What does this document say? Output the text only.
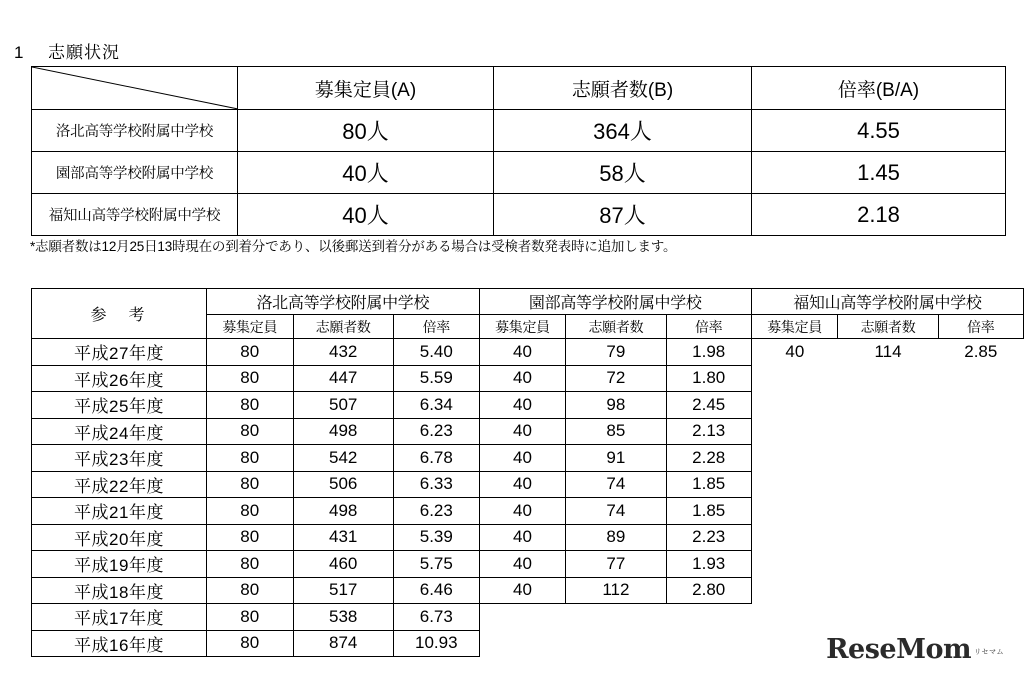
1	志願状況
	募集定員(A)	志願者数(B)	倍率(B/A)
洛北高等学校附属中学校	80人	364人	4.55
園部高等学校附属中学校	40人	58人	1.45
福知山高等学校附属中学校	40人	87人	2.18
*志願者数は12月25日13時現在の到着分であり、以後郵送到着分がある場合は受検者数発表時に追加します。
参　考	洛北高等学校附属中学校			園部高等学校附属中学校			福知山高等学校附属中学校		
	募集定員	志願者数	倍率	募集定員	志願者数	倍率	募集定員	志願者数	倍率
平成27年度	80	432	5.40	40	79	1.98	40	114	2.85
平成26年度	80	447	5.59	40	72	1.80			
平成25年度	80	507	6.34	40	98	2.45			
平成24年度	80	498	6.23	40	85	2.13			
平成23年度	80	542	6.78	40	91	2.28			
平成22年度	80	506	6.33	40	74	1.85			
平成21年度	80	498	6.23	40	74	1.85			
平成20年度	80	431	5.39	40	89	2.23			
平成19年度	80	460	5.75	40	77	1.93			
平成18年度	80	517	6.46	40	112	2.80			
平成17年度	80	538	6.73						
平成16年度	80	874	10.93							ReseMom リセマム
